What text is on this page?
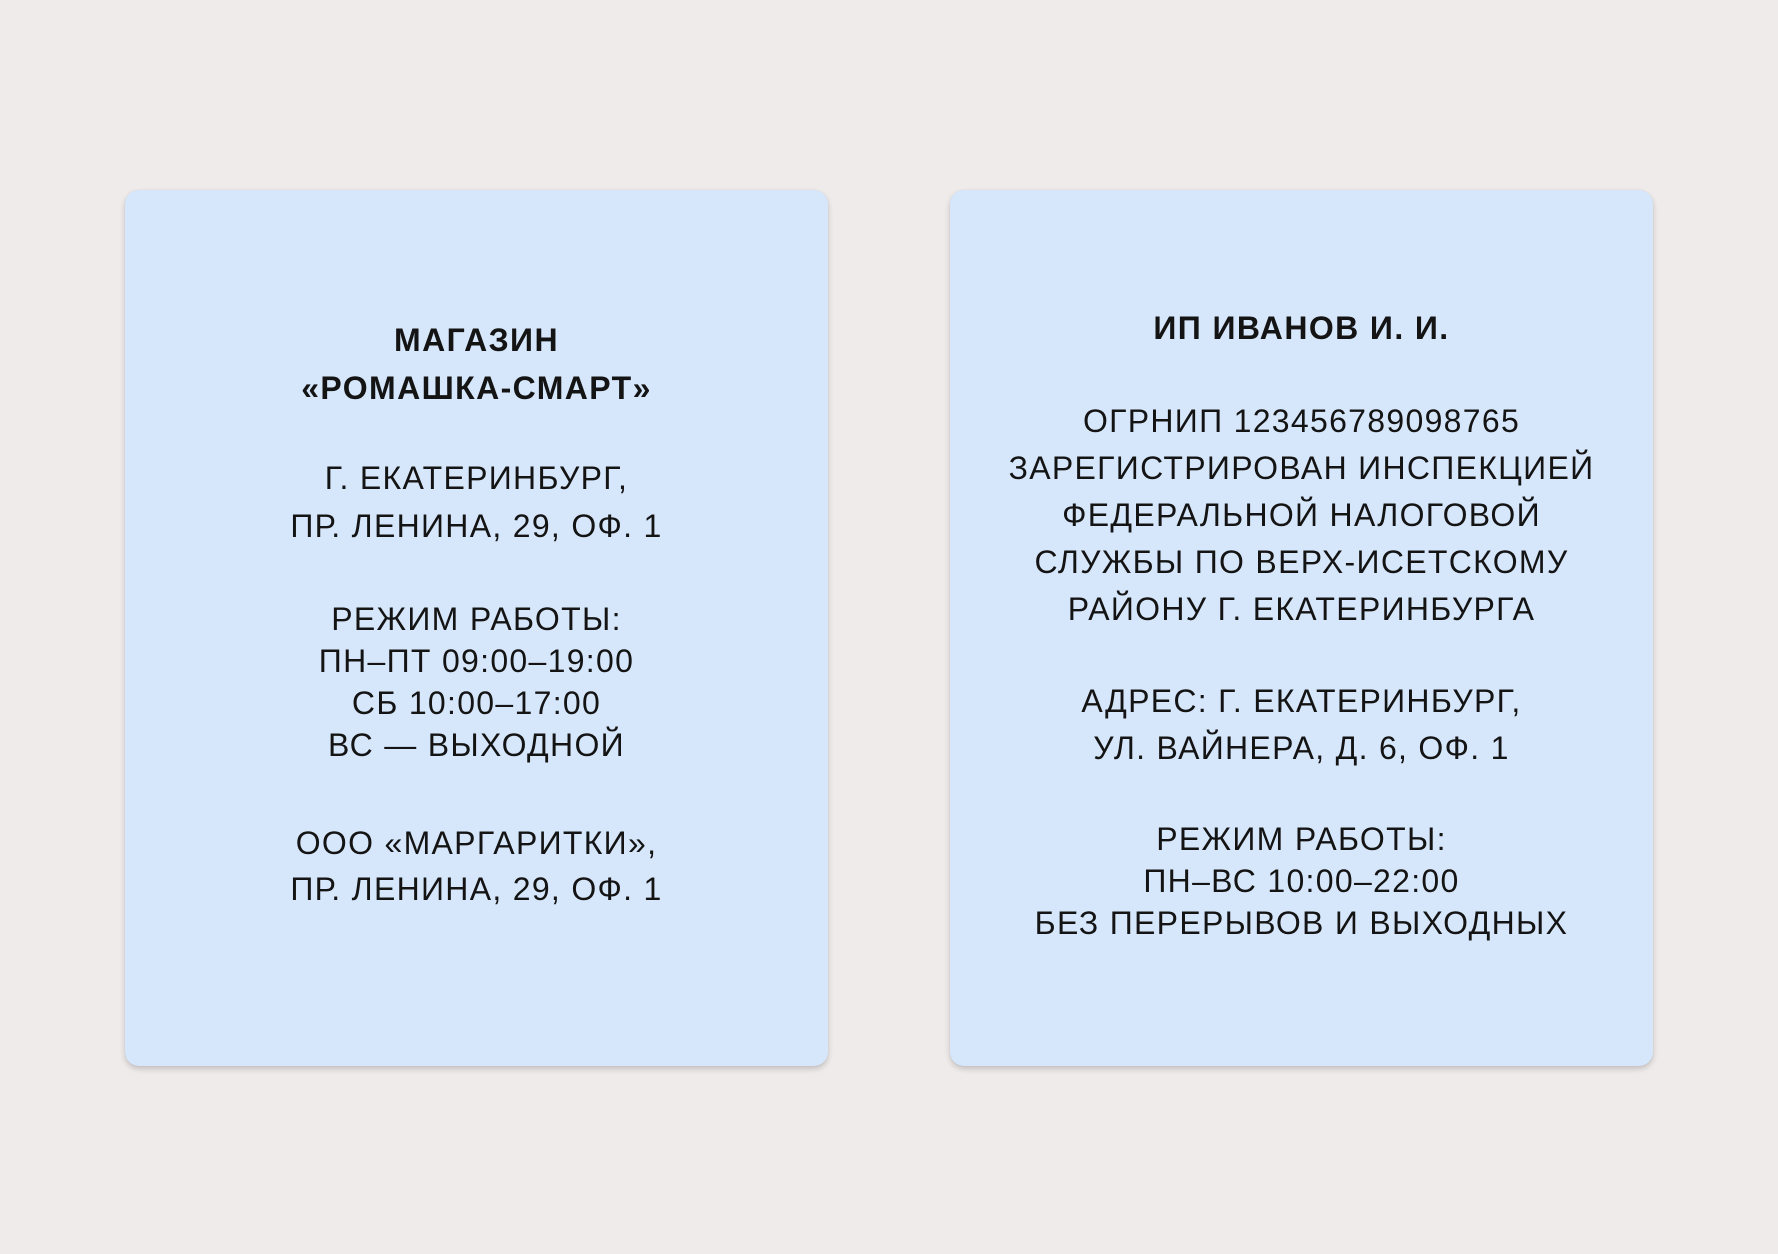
МАГАЗИН
«РОМАШКА-СМАРТ»
Г. ЕКАТЕРИНБУРГ,
ПР. ЛЕНИНА, 29, ОФ. 1
РЕЖИМ РАБОТЫ:
ПН–ПТ 09:00–19:00
СБ 10:00–17:00
ВС — ВЫХОДНОЙ
ООО «МАРГАРИТКИ»,
ПР. ЛЕНИНА, 29, ОФ. 1
ИП ИВАНОВ И. И.
ОГРНИП 123456789098765
ЗАРЕГИСТРИРОВАН ИНСПЕКЦИЕЙ
ФЕДЕРАЛЬНОЙ НАЛОГОВОЙ
СЛУЖБЫ ПО ВЕРХ-ИСЕТСКОМУ
РАЙОНУ Г. ЕКАТЕРИНБУРГА
АДРЕС: Г. ЕКАТЕРИНБУРГ,
УЛ. ВАЙНЕРА, Д. 6, ОФ. 1
РЕЖИМ РАБОТЫ:
ПН–ВС 10:00–22:00
БЕЗ ПЕРЕРЫВОВ И ВЫХОДНЫХ
